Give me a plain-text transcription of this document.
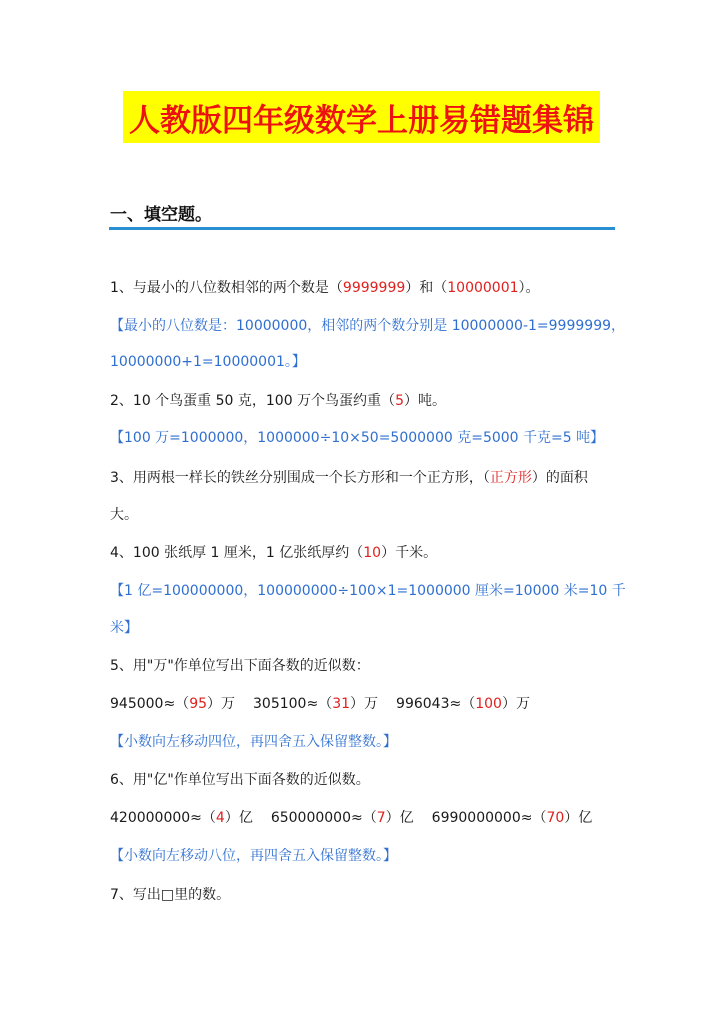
人教版四年级数学上册易错题集锦
一、填空题。
1、与最小的八位数相邻的两个数是（9999999）和（10000001）。
【最小的八位数是：10000000，相邻的两个数分别是 10000000-1=9999999，
10000000+1=10000001。】
2、10 个鸟蛋重 50 克，100 万个鸟蛋约重（5）吨。
【100 万=1000000，1000000÷10×50=5000000 克=5000 千克=5 吨】
3、用两根一样长的铁丝分别围成一个长方形和一个正方形，（正方形）的面积
大。
4、100 张纸厚 1 厘米，1 亿张纸厚约（10）千米。
【1 亿=100000000，100000000÷100×1=1000000 厘米=10000 米=10 千
米】
5、用"万"作单位写出下面各数的近似数：
945000≈（95）万 305100≈（31）万 996043≈（100）万
【小数向左移动四位，再四舍五入保留整数。】
6、用"亿"作单位写出下面各数的近似数。
420000000≈（4）亿 650000000≈（7）亿 6990000000≈（70）亿
【小数向左移动八位，再四舍五入保留整数。】
7、写出□里的数。
